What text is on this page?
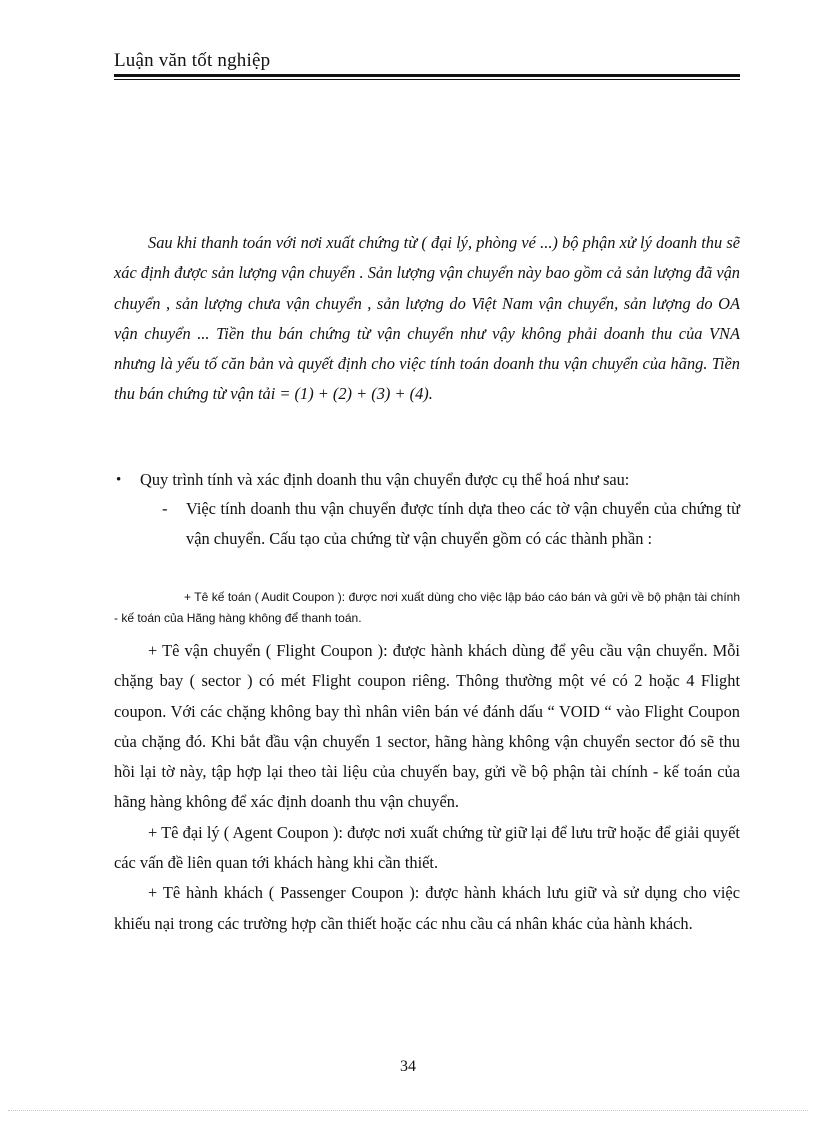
Luận văn tốt nghiệp
Sau khi thanh toán với nơi xuất chứng từ ( đại lý, phòng vé ...) bộ phận xử lý doanh thu sẽ xác định được sản lượng vận chuyển . Sản lượng vận chuyển này bao gồm cả sản lượng đã vận chuyển , sản lượng chưa vận chuyển , sản lượng do Việt Nam vận chuyển, sản lượng do OA vận chuyển ... Tiền thu bán chứng từ vận chuyển như vậy không phải doanh thu của VNA nhưng là yếu tố căn bản và quyết định cho việc tính toán doanh thu vận chuyển của hãng. Tiền thu bán chứng từ vận tải = (1) + (2) + (3) + (4).
• Quy trình tính và xác định doanh thu vận chuyển được cụ thể hoá như sau:
- Việc tính doanh thu vận chuyển được tính dựa theo các tờ vận chuyển của chứng từ vận chuyển. Cấu tạo của chứng từ vận chuyển gồm có các thành phần :
+ Tê kế toán ( Audit Coupon ): được nơi xuất dùng cho việc lập báo cáo bán và gửi về bộ phận tài chính - kế toán của Hãng hàng không để thanh toán.

+ Tê vận chuyển ( Flight Coupon ): được hành khách dùng để yêu cầu vận chuyển. Mỗi chặng bay ( sector ) có mét Flight coupon riêng. Thông thường một vé có 2 hoặc 4 Flight coupon. Với các chặng không bay thì nhân viên bán vé đánh dấu “ VOID “ vào Flight Coupon của chặng đó. Khi bắt đầu vận chuyển 1 sector, hãng hàng không vận chuyển sector đó sẽ thu hồi lại tờ này, tập hợp lại theo tài liệu của chuyến bay, gửi về bộ phận tài chính - kế toán của hãng hàng không để xác định doanh thu vận chuyển.

+ Tê đại lý ( Agent Coupon ): được nơi xuất chứng từ giữ lại để lưu trữ hoặc để giải quyết các vấn đề liên quan tới khách hàng khi cần thiết.

+ Tê hành khách ( Passenger Coupon ): được hành khách lưu giữ và sử dụng cho việc khiếu nại trong các trường hợp cần thiết hoặc các nhu cầu cá nhân khác của hành khách.

34
